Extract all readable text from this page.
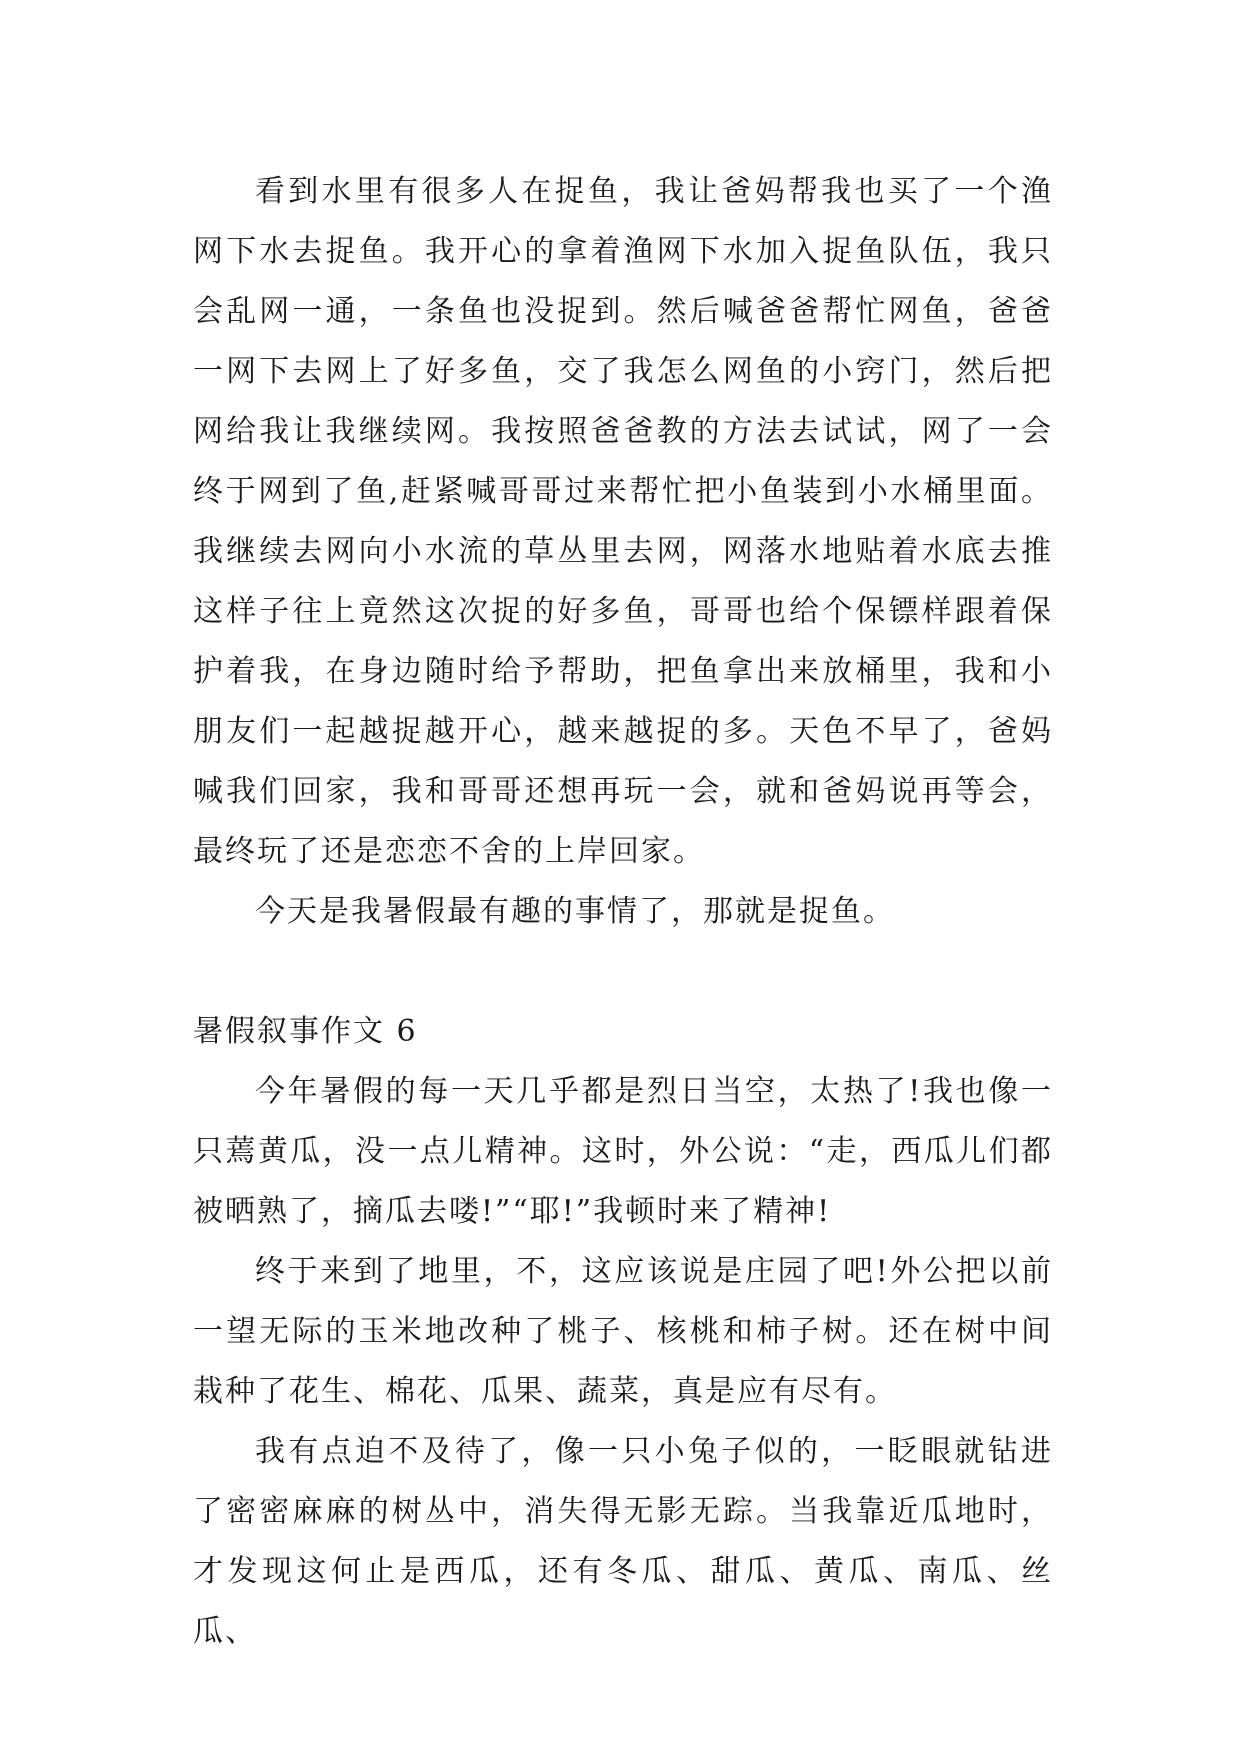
看到水里有很多人在捉鱼，我让爸妈帮我也买了一个渔网下水去捉鱼。我开心的拿着渔网下水加入捉鱼队伍，我只会乱网一通，一条鱼也没捉到。然后喊爸爸帮忙网鱼，爸爸一网下去网上了好多鱼，交了我怎么网鱼的小窍门，然后把网给我让我继续网。我按照爸爸教的方法去试试，网了一会终于网到了鱼,赶紧喊哥哥过来帮忙把小鱼装到小水桶里面。我继续去网向小水流的草丛里去网，网落水地贴着水底去推这样子往上竟然这次捉的好多鱼，哥哥也给个保镖样跟着保护着我，在身边随时给予帮助，把鱼拿出来放桶里，我和小朋友们一起越捉越开心，越来越捉的多。天色不早了，爸妈喊我们回家，我和哥哥还想再玩一会，就和爸妈说再等会，最终玩了还是恋恋不舍的上岸回家。

今天是我暑假最有趣的事情了，那就是捉鱼。

暑假叙事作文 6

今年暑假的每一天几乎都是烈日当空，太热了!我也像一只蔫黄瓜，没一点儿精神。这时，外公说：“走，西瓜儿们都被晒熟了，摘瓜去喽!”“耶!”我顿时来了精神!

终于来到了地里，不，这应该说是庄园了吧!外公把以前一望无际的玉米地改种了桃子、核桃和柿子树。还在树中间栽种了花生、棉花、瓜果、蔬菜，真是应有尽有。

我有点迫不及待了，像一只小兔子似的，一眨眼就钻进了密密麻麻的树丛中，消失得无影无踪。当我靠近瓜地时，才发现这何止是西瓜，还有冬瓜、甜瓜、黄瓜、南瓜、丝瓜、
